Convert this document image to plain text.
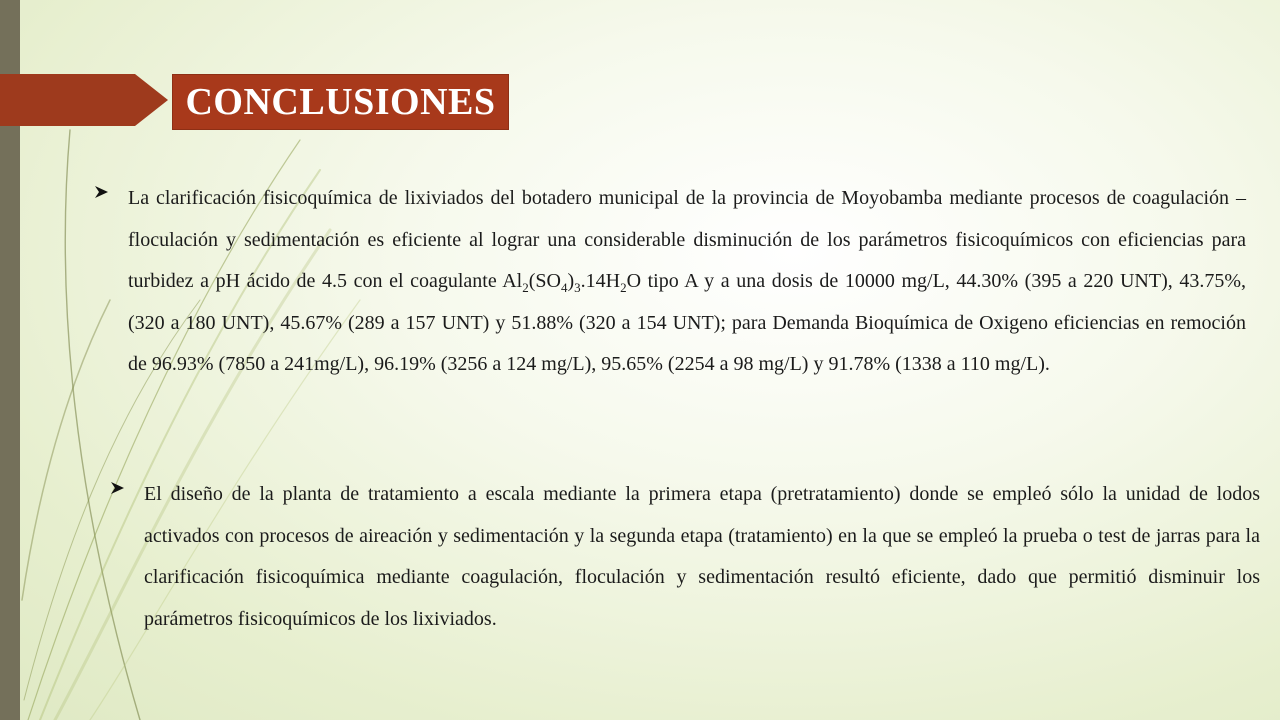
CONCLUSIONES
La clarificación fisicoquímica de lixiviados del botadero municipal de la provincia de Moyobamba mediante procesos de coagulación – floculación y sedimentación es eficiente al lograr una considerable disminución de los parámetros fisicoquímicos con eficiencias para turbidez a pH ácido de 4.5 con el coagulante $Al_2(SO_4)_3.14H_2O$ tipo A y a una dosis de 10000 mg/L, 44.30% (395 a 220 UNT), 43.75%, (320 a 180 UNT), 45.67% (289 a 157 UNT) y 51.88% (320 a 154 UNT); para Demanda Bioquímica de Oxigeno eficiencias en remoción de 96.93% (7850 a 241mg/L), 96.19% (3256 a 124 mg/L), 95.65% (2254 a 98 mg/L) y 91.78% (1338 a 110 mg/L).
El diseño de la planta de tratamiento a escala mediante la primera etapa (pretratamiento) donde se empleó sólo la unidad de lodos activados con procesos de aireación y sedimentación y la segunda etapa (tratamiento) en la que se empleó la prueba o test de jarras para la clarificación fisicoquímica mediante coagulación, floculación y sedimentación resultó eficiente, dado que permitió disminuir los parámetros fisicoquímicos de los lixiviados.
